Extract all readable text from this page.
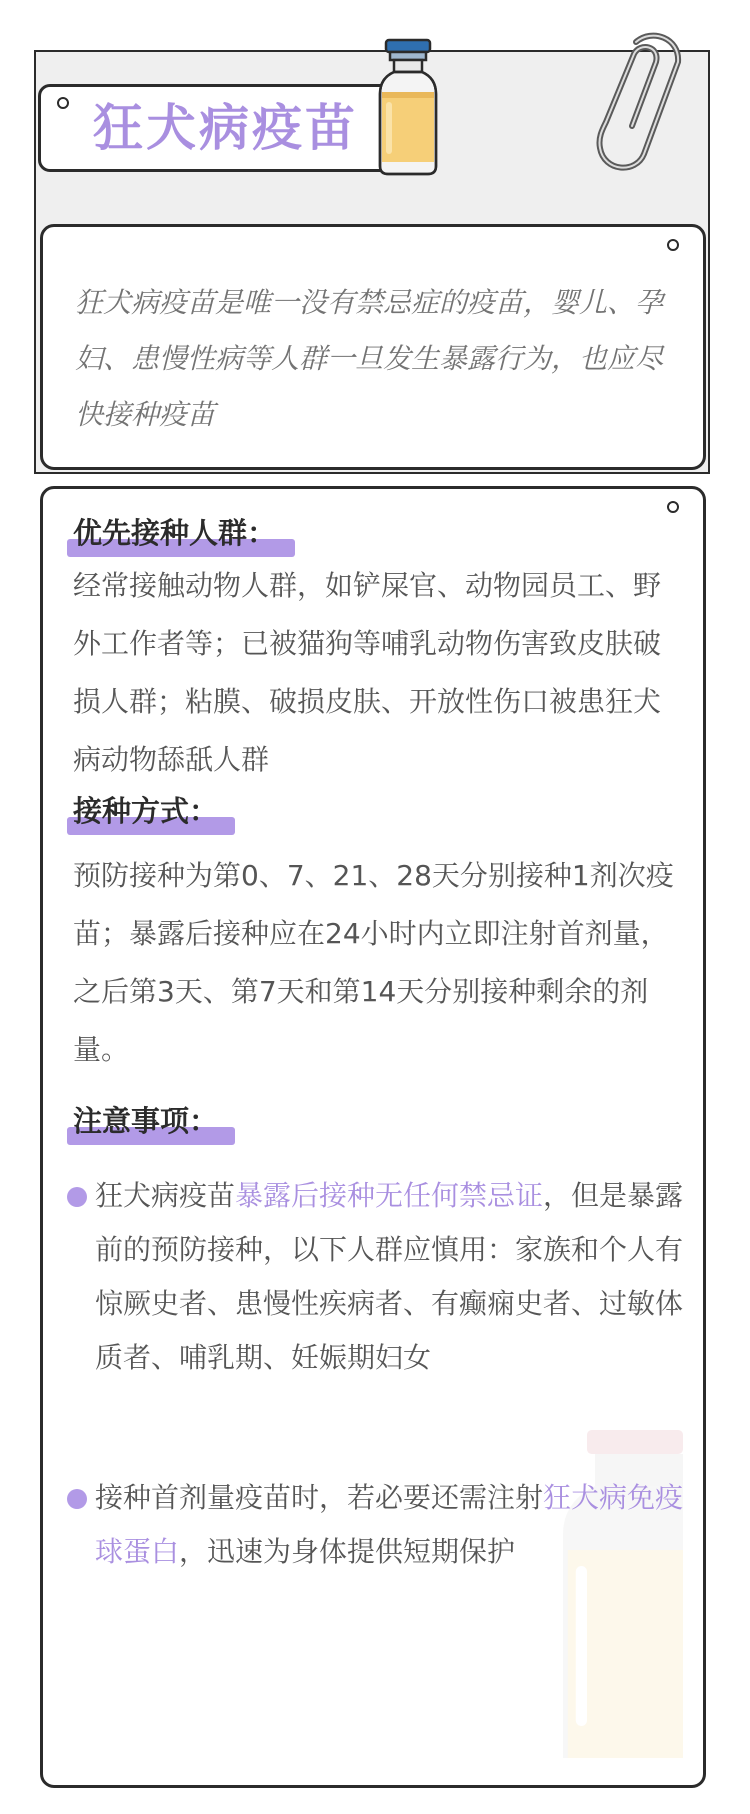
狂犬病疫苗
狂犬病疫苗是唯一没有禁忌症的疫苗，婴儿、孕妇、患慢性病等人群一旦发生暴露行为，也应尽快接种疫苗
优先接种人群：
经常接触动物人群，如铲屎官、动物园员工、野外工作者等；已被猫狗等哺乳动物伤害致皮肤破损人群；粘膜、破损皮肤、开放性伤口被患狂犬病动物舔舐人群
接种方式：
预防接种为第0、7、21、28天分别接种1剂次疫苗；暴露后接种应在24小时内立即注射首剂量，之后第3天、第7天和第14天分别接种剩余的剂量。
注意事项：
狂犬病疫苗暴露后接种无任何禁忌证，但是暴露前的预防接种，以下人群应慎用：家族和个人有惊厥史者、患慢性疾病者、有癫痫史者、过敏体质者、哺乳期、妊娠期妇女
接种首剂量疫苗时，若必要还需注射狂犬病免疫球蛋白，迅速为身体提供短期保护
